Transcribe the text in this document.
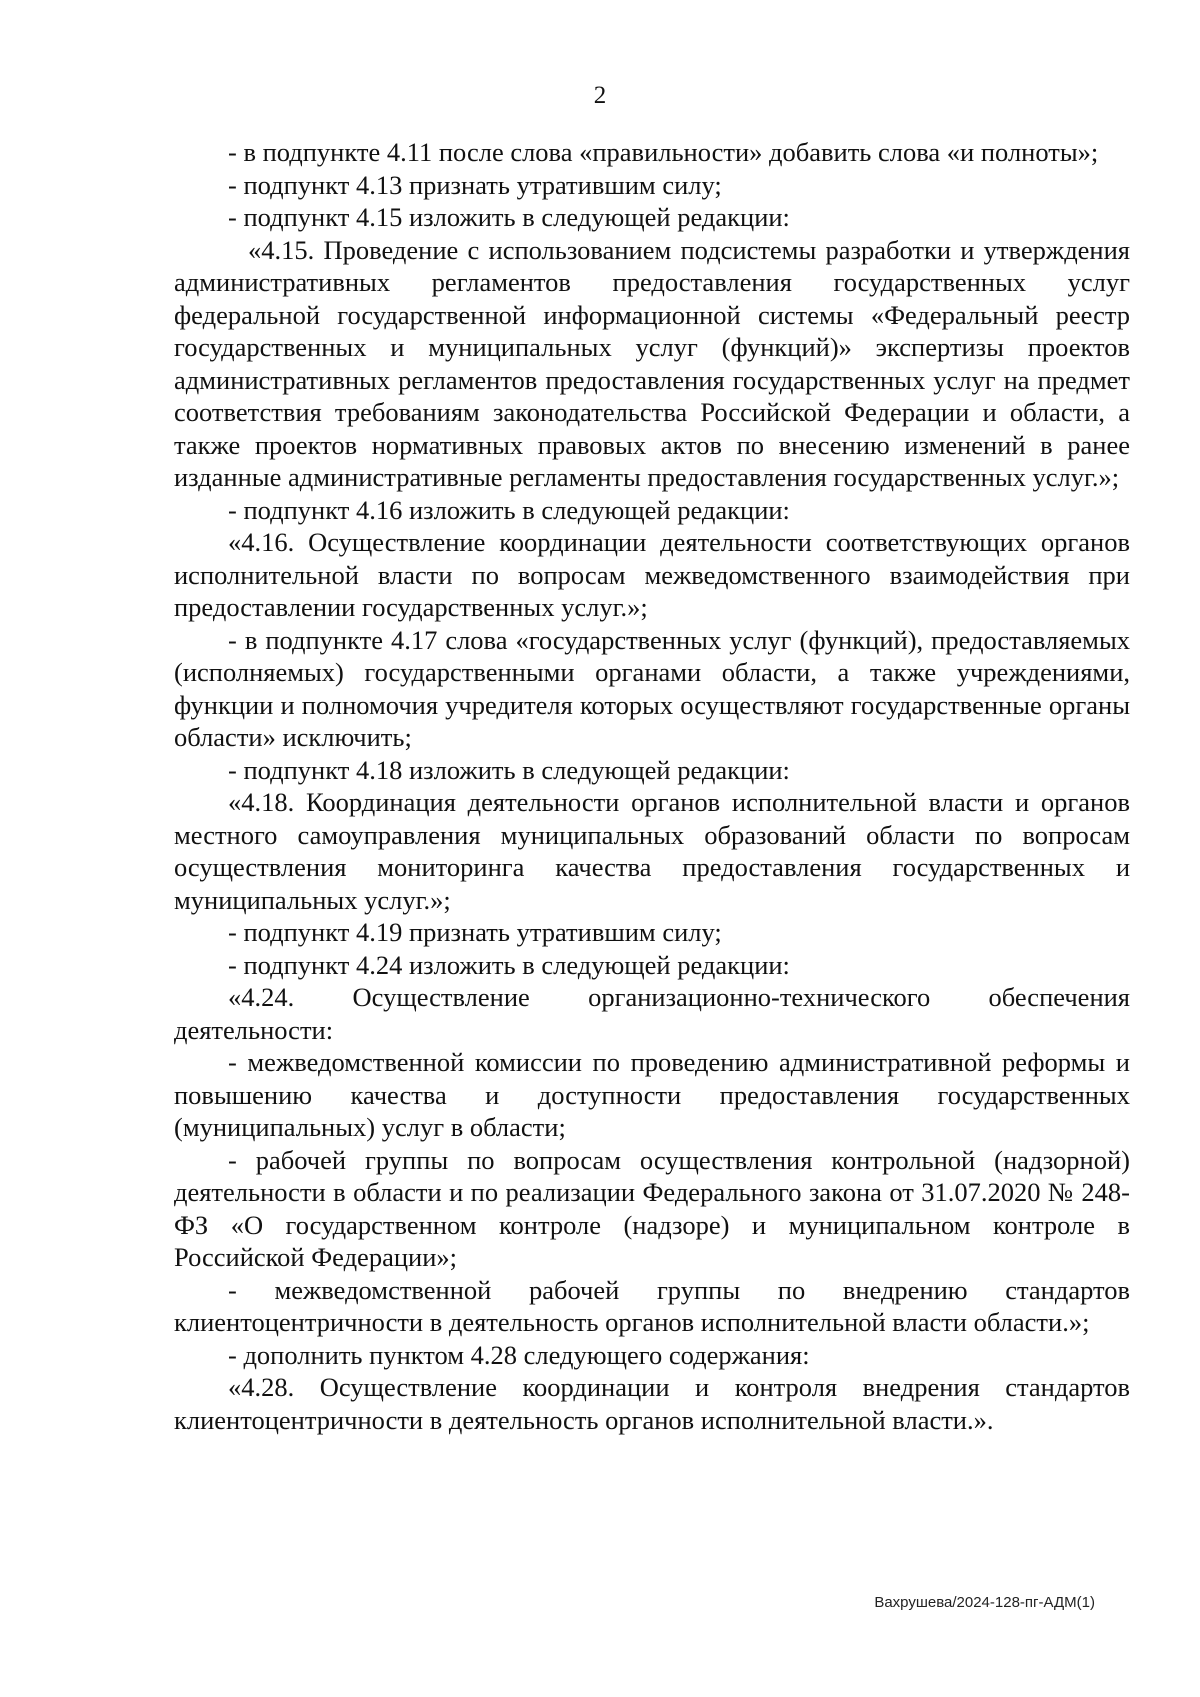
2

- в подпункте 4.11 после слова «правильности» добавить слова «и полноты»;

- подпункт 4.13 признать утратившим силу;

- подпункт 4.15 изложить в следующей редакции:

«4.15. Проведение с использованием подсистемы разработки и утверждения административных регламентов предоставления государственных услуг федеральной государственной информационной системы «Федеральный реестр государственных и муниципальных услуг (функций)» экспертизы проектов административных регламентов предоставления государственных услуг на предмет соответствия требованиям законодательства Российской Федерации и области, а также проектов нормативных правовых актов по внесению изменений в ранее изданные административные регламенты предоставления государственных услуг.»;

- подпункт 4.16 изложить в следующей редакции:

«4.16. Осуществление координации деятельности соответствующих органов исполнительной власти по вопросам межведомственного взаимодействия при предоставлении государственных услуг.»;

- в подпункте 4.17 слова «государственных услуг (функций), предоставляемых (исполняемых) государственными органами области, а также учреждениями, функции и полномочия учредителя которых осуществляют государственные органы области» исключить;

- подпункт 4.18 изложить в следующей редакции:

«4.18. Координация деятельности органов исполнительной власти и органов местного самоуправления муниципальных образований области по вопросам осуществления мониторинга качества предоставления государственных и муниципальных услуг.»;

- подпункт 4.19 признать утратившим силу;

- подпункт 4.24 изложить в следующей редакции:

«4.24. Осуществление организационно-технического обеспечения деятельности:

- межведомственной комиссии по проведению административной реформы и повышению качества и доступности предоставления государственных (муниципальных) услуг в области;

- рабочей группы по вопросам осуществления контрольной (надзорной) деятельности в области и по реализации Федерального закона от 31.07.2020 № 248-ФЗ «О государственном контроле (надзоре) и муниципальном контроле в Российской Федерации»;

- межведомственной рабочей группы по внедрению стандартов клиентоцентричности в деятельность органов исполнительной власти области.»;

- дополнить пунктом 4.28 следующего содержания:

«4.28. Осуществление координации и контроля внедрения стандартов клиентоцентричности в деятельность органов исполнительной власти.».

Вахрушева/2024-128-пг-АДМ(1)
